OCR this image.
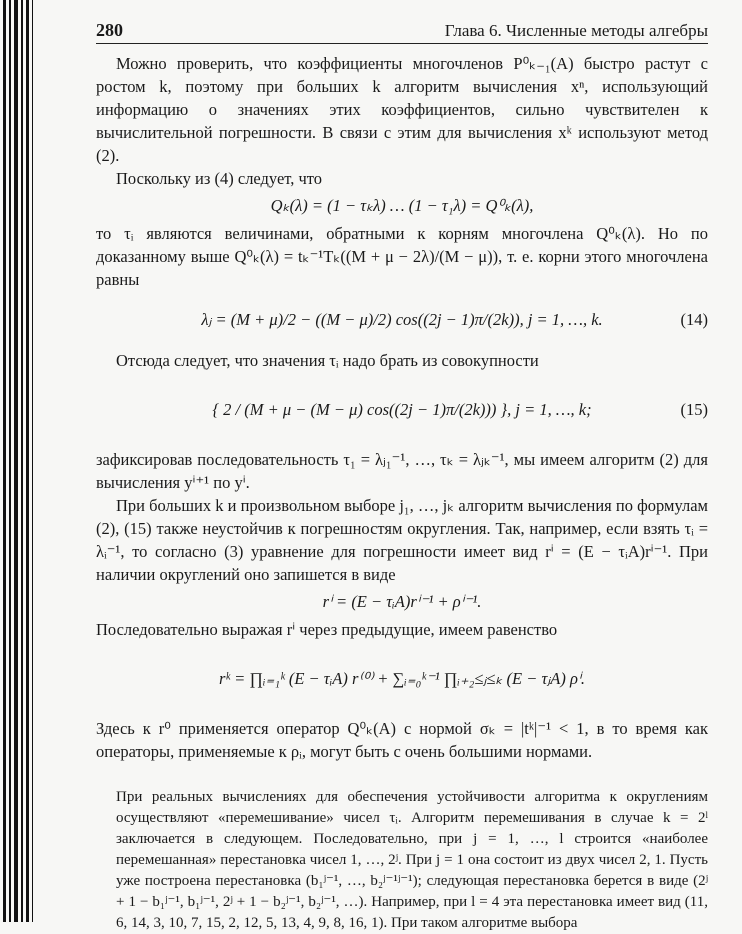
280	Глава 6. Численные методы алгебры

Можно проверить, что коэффициенты многочленов P⁰ₖ₋₁(A) быстро растут с ростом k, поэтому при больших k алгоритм вычисления xⁿ, использующий информацию о значениях этих коэффициентов, сильно чувствителен к вычислительной погрешности. В связи с этим для вычисления xᵏ используют метод (2).

Поскольку из (4) следует, что

Qₖ(λ) = (1 − τₖλ) … (1 − τ₁λ) = Q⁰ₖ(λ),

то τᵢ являются величинами, обратными к корням многочлена Q⁰ₖ(λ). Но по доказанному выше Q⁰ₖ(λ) = tₖ⁻¹Tₖ((M + μ − 2λ)/(M − μ)), т. е. корни этого многочлена равны

λⱼ = (M + μ)/2 − ((M − μ)/2) cos((2j − 1)π/(2k)), j = 1, …, k.	(14)

Отсюда следует, что значения τᵢ надо брать из совокупности

{ 2 / (M + μ − (M − μ) cos((2j − 1)π/(2k))) }, j = 1, …, k;	(15)

зафиксировав последовательность τ₁ = λⱼ₁⁻¹, …, τₖ = λⱼₖ⁻¹, мы имеем алгоритм (2) для вычисления yⁱ⁺¹ по yⁱ.

При больших k и произвольном выборе j₁, …, jₖ алгоритм вычисления по формулам (2), (15) также неустойчив к погрешностям округления. Так, например, если взять τᵢ = λᵢ⁻¹, то согласно (3) уравнение для погрешности имеет вид rⁱ = (E − τᵢA)rⁱ⁻¹. При наличии округлений оно запишется в виде

rⁱ = (E − τᵢA)rⁱ⁻¹ + ρⁱ⁻¹.

Последовательно выражая rⁱ через предыдущие, имеем равенство

rᵏ = ∏ᵢ₌₁ᵏ (E − τᵢA) r⁽⁰⁾ + ∑ᵢ₌₀ᵏ⁻¹ ∏ᵢ₊₂≤ⱼ≤ₖ (E − τⱼA) ρⁱ.

Здесь к r⁰ применяется оператор Q⁰ₖ(A) с нормой σₖ = |tᵏ|⁻¹ < 1, в то время как операторы, применяемые к ρᵢ, могут быть с очень большими нормами.

При реальных вычислениях для обеспечения устойчивости алгоритма к округлениям осуществляют «перемешивание» чисел τᵢ. Алгоритм перемешивания в случае k = 2ˡ заключается в следующем. Последовательно, при j = 1, …, l строится «наиболее перемешанная» перестановка чисел 1, …, 2ʲ. При j = 1 она состоит из двух чисел 2, 1. Пусть уже построена перестановка (b₁ʲ⁻¹, …, b₂ʲ⁻¹ʲ⁻¹); следующая перестановка берется в виде (2ʲ + 1 − b₁ʲ⁻¹, b₁ʲ⁻¹, 2ʲ + 1 − b₂ʲ⁻¹, b₂ʲ⁻¹, …). Например, при l = 4 эта перестановка имеет вид (11, 6, 14, 3, 10, 7, 15, 2, 12, 5, 13, 4, 9, 8, 16, 1). При таком алгоритме выбора
